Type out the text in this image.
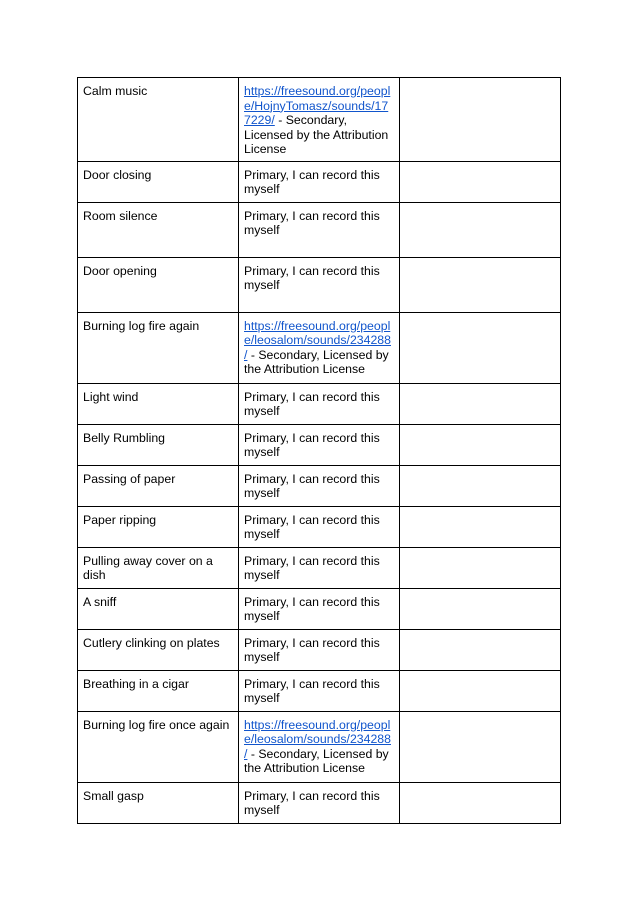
Calm music	https://freesound.org/people/HojnyTomasz/sounds/177229/ - Secondary, Licensed by the Attribution License	
Door closing	Primary, I can record this myself	
Room silence	Primary, I can record this myself	
Door opening	Primary, I can record this myself	
Burning log fire again	https://freesound.org/people/leosalom/sounds/234288/ - Secondary, Licensed by the Attribution License	
Light wind	Primary, I can record this myself	
Belly Rumbling	Primary, I can record this myself	
Passing of paper	Primary, I can record this myself	
Paper ripping	Primary, I can record this myself	
Pulling away cover on a dish	Primary, I can record this myself	
A sniff	Primary, I can record this myself	
Cutlery clinking on plates	Primary, I can record this myself	
Breathing in a cigar	Primary, I can record this myself	
Burning log fire once again	https://freesound.org/people/leosalom/sounds/234288/ - Secondary, Licensed by the Attribution License	
Small gasp	Primary, I can record this myself	
